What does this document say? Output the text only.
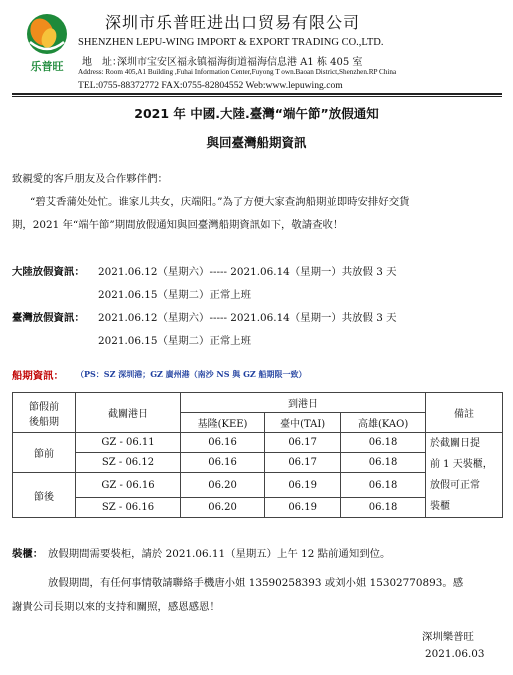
乐普旺
深圳市乐普旺进出口贸易有限公司
SHENZHEN LEPU-WING IMPORT & EXPORT TRADING CO.,LTD.
地　址：
深圳市宝安区福永镇福海街道福海信息港 A1 栋 405 室
Address: Room 405,A1 Building ,Fuhai Information Center,Fuyong T own.Baoan District,Shenzhen.RP China
TEL:0755-88372772 FAX:0755-82804552 Web:www.lepuwing.com
2021 年 中國.大陸.臺灣“端午節”放假通知
與回臺灣船期資訊
致親愛的客戶朋友及合作夥伴們：
“碧艾香蒲处处忙。谁家儿共女，庆端阳。”為了方便大家查詢船期並即時安排好交貨
期，2021 年“端午節”期間放假通知與回臺灣船期資訊如下，敬請查收！
大陸放假資訊： 2021.06.12（星期六）----- 2021.06.14（星期一）共放假 3 天
2021.06.15（星期二）正常上班
臺灣放假資訊： 2021.06.12（星期六）----- 2021.06.14（星期一）共放假 3 天
2021.06.15（星期二）正常上班
船期資訊： （PS：SZ 深圳港；GZ 廣州港（南沙 NS 與 GZ 船期限一致）
節假前
後船期	截關港日	到港日			備註
		基隆(KEE)	臺中(TAI)	高雄(KAO)	
節前	GZ - 06.11	06.16	06.17	06.18	於截關日提
前 1 天裝櫃，
放假可正常
裝櫃

	SZ - 06.12	06.16	06.17	06.18	
節後	GZ - 06.16	06.20	06.19	06.18	
	SZ - 06.16	06.20	06.19	06.18	
裝櫃： 放假期間需要裝柜，請於 2021.06.11（星期五）上午 12 點前通知到位。
放假期間，有任何事情敬請聯絡手機唐小姐 13590258393 或刘小姐 15302770893。感
謝貴公司長期以來的支持和關照，感恩感恩！
深圳樂普旺
2021.06.03
